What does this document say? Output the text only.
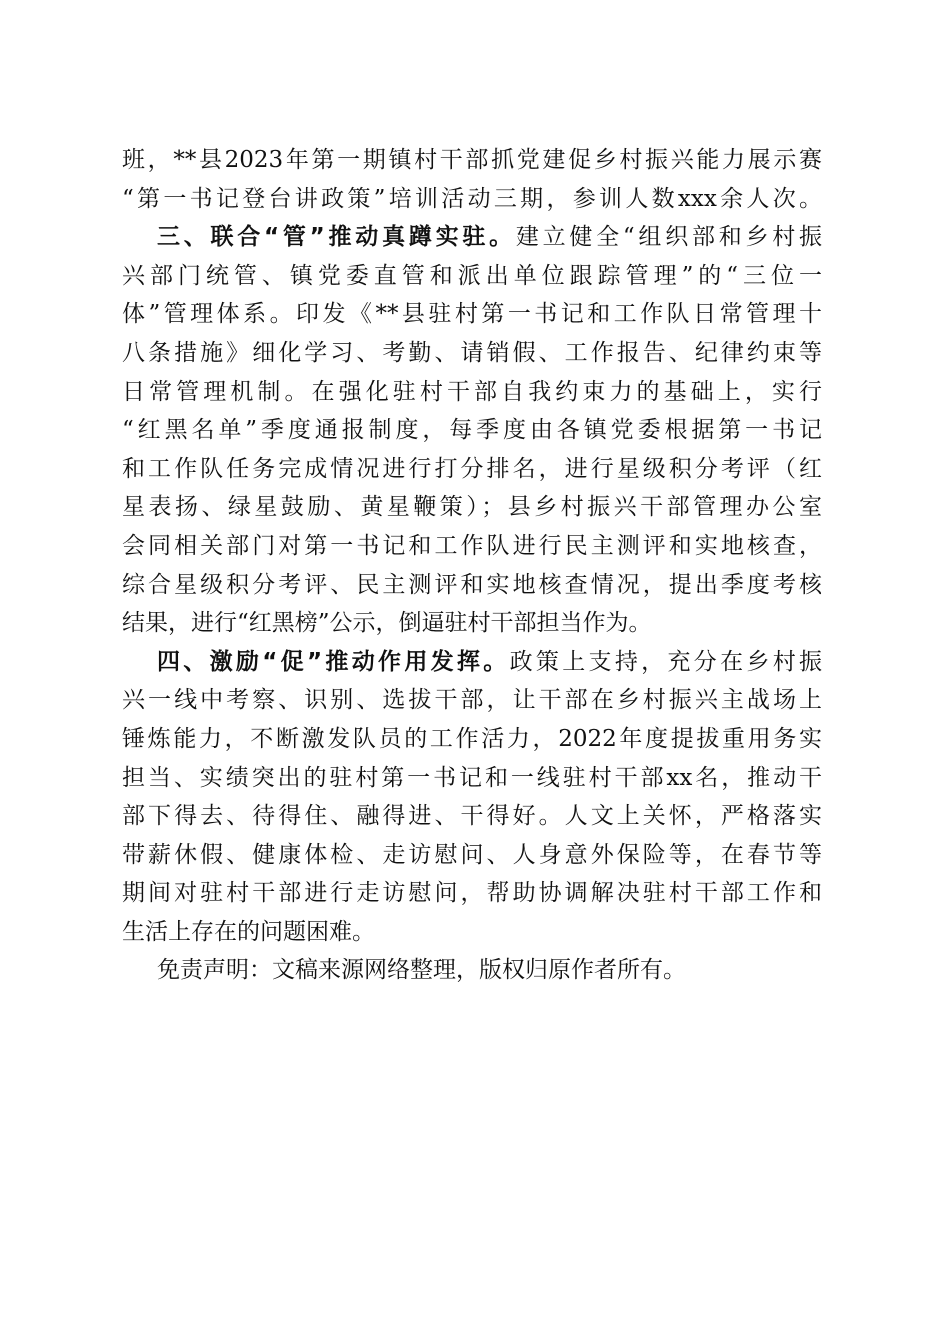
班，**县2023年第一期镇村干部抓党建促乡村振兴能力展示赛
“第一书记登台讲政策”培训活动三期，参训人数xxx余人次。
三、联合“管”推动真蹲实驻。建立健全“组织部和乡村振
兴部门统管、镇党委直管和派出单位跟踪管理”的“三位一
体”管理体系。印发《**县驻村第一书记和工作队日常管理十
八条措施》细化学习、考勤、请销假、工作报告、纪律约束等
日常管理机制。在强化驻村干部自我约束力的基础上，实行
“红黑名单”季度通报制度，每季度由各镇党委根据第一书记
和工作队任务完成情况进行打分排名，进行星级积分考评（红
星表扬、绿星鼓励、黄星鞭策）；县乡村振兴干部管理办公室
会同相关部门对第一书记和工作队进行民主测评和实地核查，
综合星级积分考评、民主测评和实地核查情况，提出季度考核
结果，进行“红黑榜”公示，倒逼驻村干部担当作为。
四、激励“促”推动作用发挥。政策上支持，充分在乡村振
兴一线中考察、识别、选拔干部，让干部在乡村振兴主战场上
锤炼能力，不断激发队员的工作活力，2022年度提拔重用务实
担当、实绩突出的驻村第一书记和一线驻村干部xx名，推动干
部下得去、待得住、融得进、干得好。人文上关怀，严格落实
带薪休假、健康体检、走访慰问、人身意外保险等，在春节等
期间对驻村干部进行走访慰问，帮助协调解决驻村干部工作和
生活上存在的问题困难。
免责声明：文稿来源网络整理，版权归原作者所有。
